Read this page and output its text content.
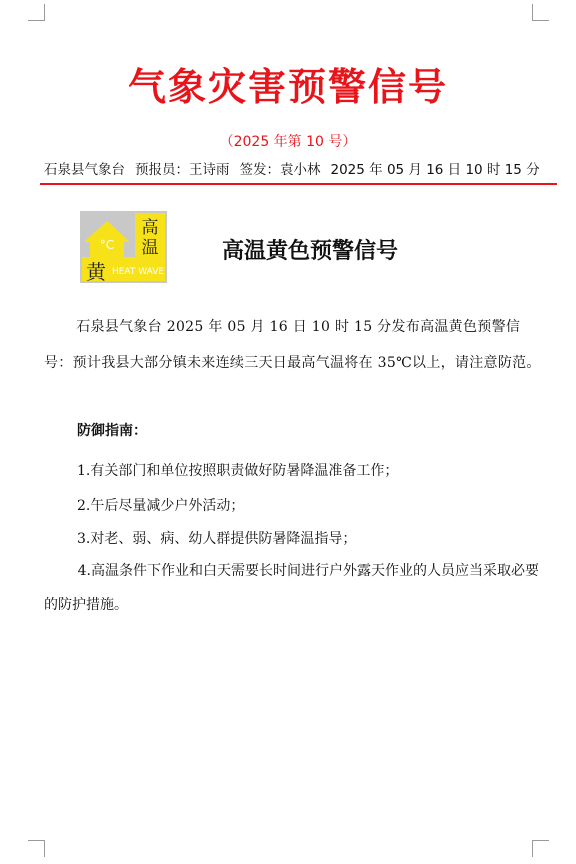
气象灾害预警信号
（2025 年第 10 号）
石泉县气象台 预报员：王诗雨 签发：袁小林 2025 年 05 月 16 日 10 时 15 分
°C
高
温
黄 HEAT WAVE
高温黄色预警信号
石泉县气象台 2025 年 05 月 16 日 10 时 15 分发布高温黄色预警信号：预计我县大部分镇未来连续三天日最高气温将在 35℃以上，请注意防范。
防御指南：
1.有关部门和单位按照职责做好防暑降温准备工作；
2.午后尽量减少户外活动；
3.对老、弱、病、幼人群提供防暑降温指导；
4.高温条件下作业和白天需要长时间进行户外露天作业的人员应当采取必要的防护措施。
